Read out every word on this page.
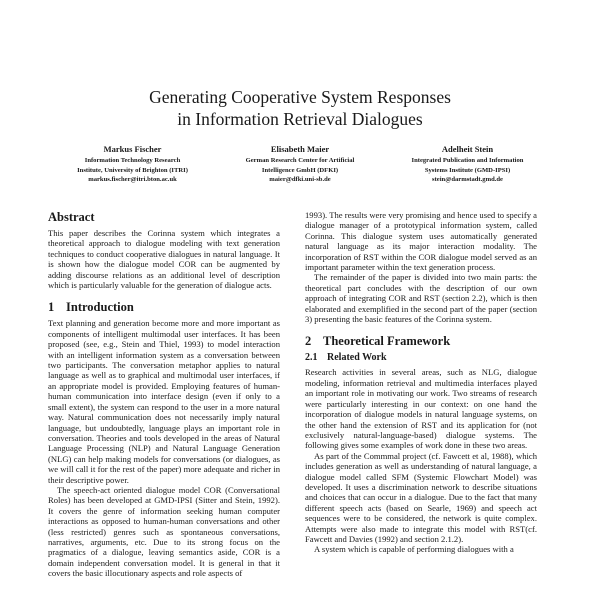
Generating Cooperative System Responses
in Information Retrieval Dialogues
Markus Fischer
Information Technology Research
Institute, University of Brighton (ITRI)
markus.fischer@itri.bton.ac.uk
Elisabeth Maier
German Research Center for Artificial
Intelligence GmbH (DFKI)
maier@dfki.uni-sb.de
Adelheit Stein
Integrated Publication and Information
Systems Institute (GMD-IPSI)
stein@darmstadt.gmd.de
Abstract

This paper describes the Corinna system which integrates a theoretical approach to dialogue modeling with text generation techniques to conduct cooperative dialogues in natural language. It is shown how the dialogue model COR can be augmented by adding discourse relations as an additional level of description which is particularly valuable for the generation of dialogue acts.

1 Introduction

Text planning and generation become more and more important as components of intelligent multimodal user interfaces. It has been proposed (see, e.g., Stein and Thiel, 1993) to model interaction with an intelligent information system as a conversation between two participants. The conversation metaphor applies to natural language as well as to graphical and multimodal user interfaces, if an appropriate model is provided. Employing features of human-human communication into interface design (even if only to a small extent), the system can respond to the user in a more natural way. Natural communication does not necessarily imply natural language, but undoubtedly, language plays an important role in conversation. Theories and tools developed in the areas of Natural Language Processing (NLP) and Natural Language Generation (NLG) can help making models for conversations (or dialogues, as we will call it for the rest of the paper) more adequate and richer in their descriptive power.

The speech-act oriented dialogue model COR (Conversational Roles) has been developed at GMD-IPSI (Sitter and Stein, 1992). It covers the genre of information seeking human computer interactions as opposed to human-human conversations and other (less restricted) genres such as spontaneous conversations, narratives, arguments, etc. Due to its strong focus on the pragmatics of a dialogue, leaving semantics aside, COR is a domain independent conversation model. It is general in that it covers the basic illocutionary aspects and role aspects of

1993). The results were very promising and hence used to specify a dialogue manager of a prototypical information system, called Corinna. This dialogue system uses automatically generated natural language as its major interaction modality. The incorporation of RST within the COR dialogue model served as an important parameter within the text generation process.

The remainder of the paper is divided into two main parts: the theoretical part concludes with the description of our own approach of integrating COR and RST (section 2.2), which is then elaborated and exemplified in the second part of the paper (section 3) presenting the basic features of the Corinna system.

2 Theoretical Framework
2.1 Related Work

Research activities in several areas, such as NLG, dialogue modeling, information retrieval and multimedia interfaces played an important role in motivating our work. Two streams of research were particularly interesting in our context: on one hand the incorporation of dialogue models in natural language systems, on the other hand the extension of RST and its application for (not exclusively natural-language-based) dialogue systems. The following gives some examples of work done in these two areas.

As part of the Commmal project (cf. Fawcett et al, 1988), which includes generation as well as understanding of natural language, a dialogue model called SFM (Systemic Flowchart Model) was developed. It uses a discrimination network to describe situations and choices that can occur in a dialogue. Due to the fact that many different speech acts (based on Searle, 1969) and speech act sequences were to be considered, the network is quite complex. Attempts were also made to integrate this model with RST(cf. Fawcett and Davies (1992) and section 2.1.2).

A system which is capable of performing dialogues with a
